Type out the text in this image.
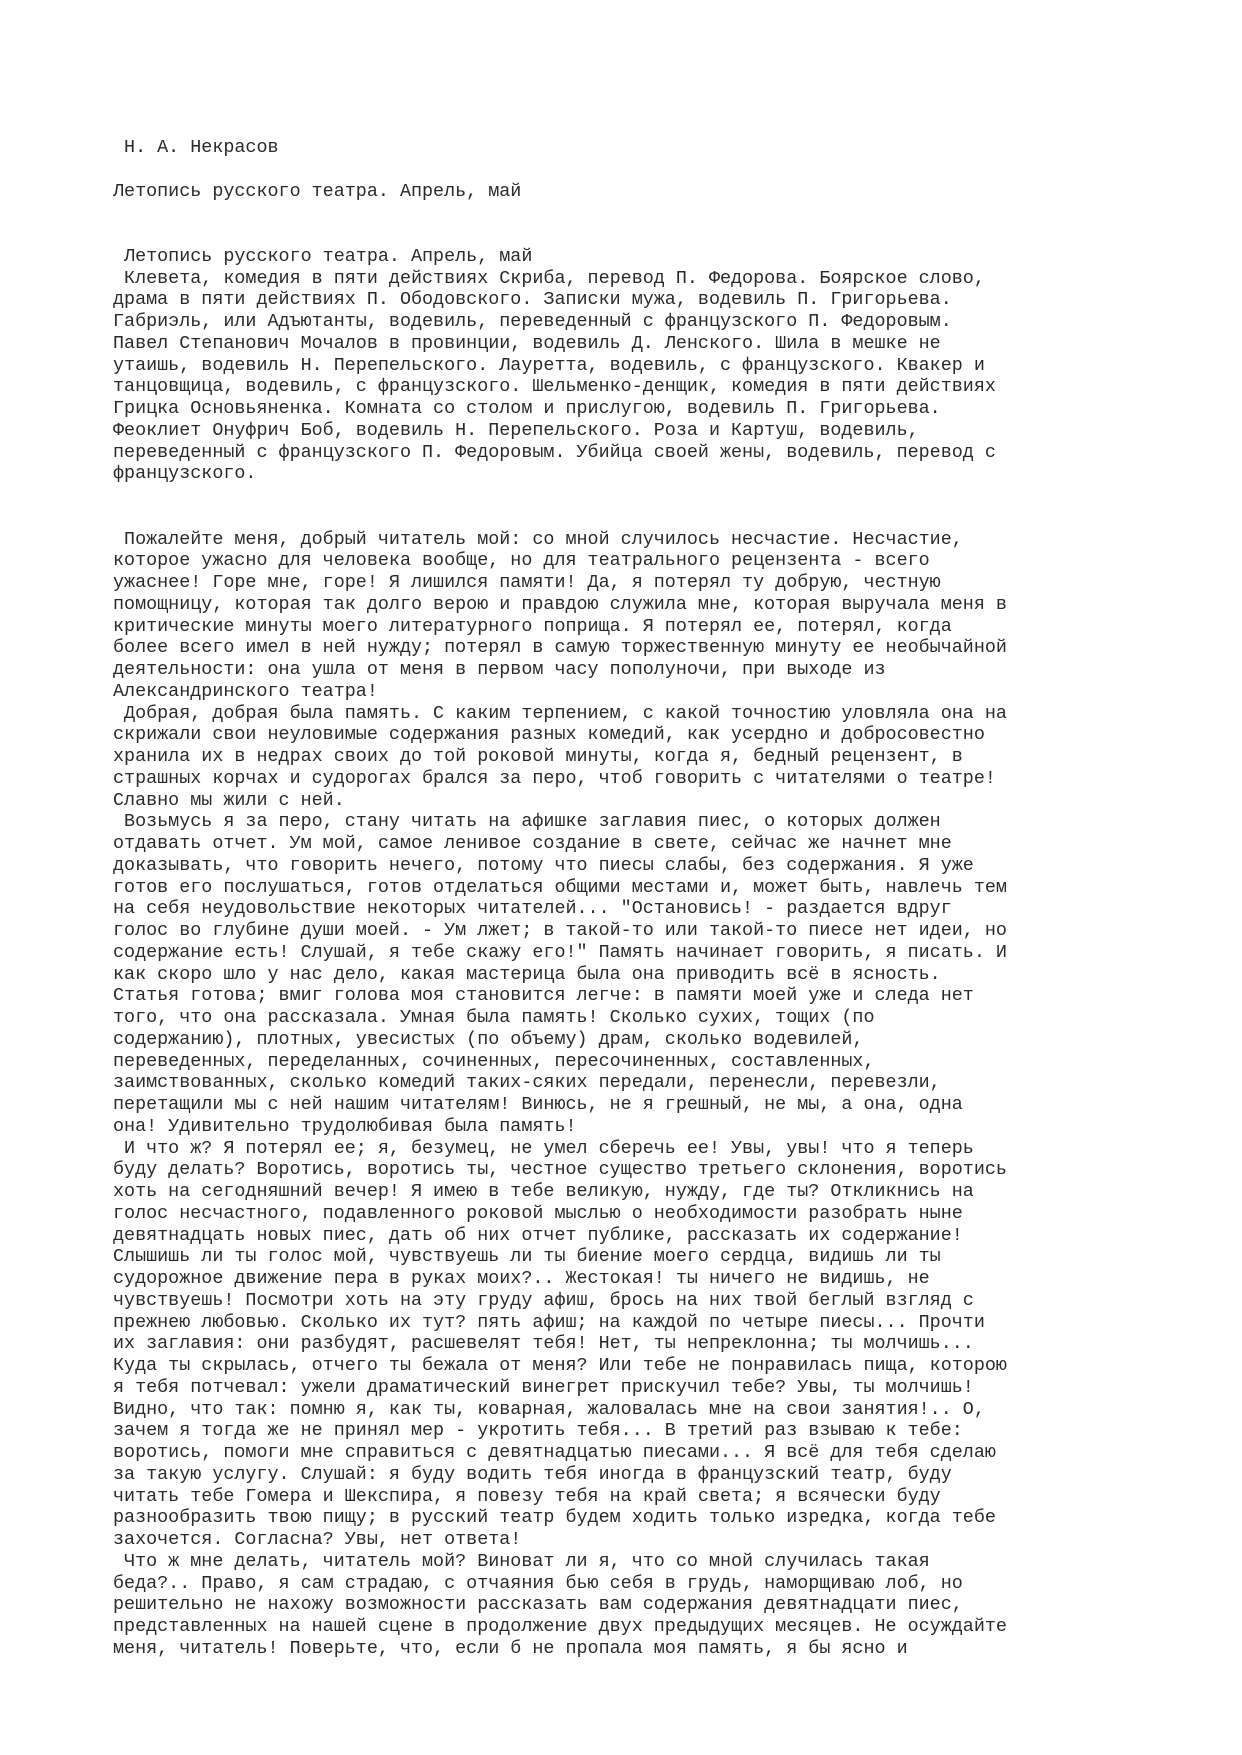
Н. А. Некрасов
Летопись русского театра. Апрель, май
Летопись русского театра. Апрель, май
Клевета, комедия в пяти действиях Скриба, перевод П. Федорова. Боярское слово,
драма в пяти действиях П. Ободовского. Записки мужа, водевиль П. Григорьева.
Габриэль, или Адъютанты, водевиль, переведенный с французского П. Федоровым.
Павел Степанович Мочалов в провинции, водевиль Д. Ленского. Шила в мешке не
утаишь, водевиль Н. Перепельского. Лауретта, водевиль, с французского. Квакер и
танцовщица, водевиль, с французского. Шельменко-денщик, комедия в пяти действиях
Грицка Основьяненка. Комната со столом и прислугою, водевиль П. Григорьева.
Феоклиет Онуфрич Боб, водевиль Н. Перепельского. Роза и Картуш, водевиль,
переведенный с французского П. Федоровым. Убийца своей жены, водевиль, перевод с
французского.
Пожалейте меня, добрый читатель мой: со мной случилось несчастие. Несчастие,
которое ужасно для человека вообще, но для театрального рецензента - всего
ужаснее! Горе мне, горе! Я лишился памяти! Да, я потерял ту добрую, честную
помощницу, которая так долго верою и правдою служила мне, которая выручала меня в
критические минуты моего литературного поприща. Я потерял ее, потерял, когда
более всего имел в ней нужду; потерял в самую торжественную минуту ее необычайной
деятельности: она ушла от меня в первом часу пополуночи, при выходе из
Александринского театра!
Добрая, добрая была память. С каким терпением, с какой точностию уловляла она на
скрижали свои неуловимые содержания разных комедий, как усердно и добросовестно
хранила их в недрах своих до той роковой минуты, когда я, бедный рецензент, в
страшных корчах и судорогах брался за перо, чтоб говорить с читателями о театре!
Славно мы жили с ней.
Возьмусь я за перо, стану читать на афишке заглавия пиес, о которых должен
отдавать отчет. Ум мой, самое ленивое создание в свете, сейчас же начнет мне
доказывать, что говорить нечего, потому что пиесы слабы, без содержания. Я уже
готов его послушаться, готов отделаться общими местами и, может быть, навлечь тем
на себя неудовольствие некоторых читателей... "Остановись! - раздается вдруг
голос во глубине души моей. - Ум лжет; в такой-то или такой-то пиесе нет идеи, но
содержание есть! Слушай, я тебе скажу его!" Память начинает говорить, я писать. И
как скоро шло у нас дело, какая мастерица была она приводить всё в ясность.
Статья готова; вмиг голова моя становится легче: в памяти моей уже и следа нет
того, что она рассказала. Умная была память! Сколько сухих, тощих (по
содержанию), плотных, увесистых (по объему) драм, сколько водевилей,
переведенных, переделанных, сочиненных, пересочиненных, составленных,
заимствованных, сколько комедий таких-сяких передали, перенесли, перевезли,
перетащили мы с ней нашим читателям! Винюсь, не я грешный, не мы, а она, одна
она! Удивительно трудолюбивая была память!
И что ж? Я потерял ее; я, безумец, не умел сберечь ее! Увы, увы! что я теперь
буду делать? Воротись, воротись ты, честное существо третьего склонения, воротись
хоть на сегодняшний вечер! Я имею в тебе великую, нужду, где ты? Откликнись на
голос несчастного, подавленного роковой мыслью о необходимости разобрать ныне
девятнадцать новых пиес, дать об них отчет публике, рассказать их содержание!
Слышишь ли ты голос мой, чувствуешь ли ты биение моего сердца, видишь ли ты
судорожное движение пера в руках моих?.. Жестокая! ты ничего не видишь, не
чувствуешь! Посмотри хоть на эту груду афиш, брось на них твой беглый взгляд с
прежнею любовью. Сколько их тут? пять афиш; на каждой по четыре пиесы... Прочти
их заглавия: они разбудят, расшевелят тебя! Нет, ты непреклонна; ты молчишь...
Куда ты скрылась, отчего ты бежала от меня? Или тебе не понравилась пища, которою
я тебя потчевал: ужели драматический винегрет прискучил тебе? Увы, ты молчишь!
Видно, что так: помню я, как ты, коварная, жаловалась мне на свои занятия!.. О,
зачем я тогда же не принял мер - укротить тебя... В третий раз взываю к тебе:
воротись, помоги мне справиться с девятнадцатью пиесами... Я всё для тебя сделаю
за такую услугу. Слушай: я буду водить тебя иногда в французский театр, буду
читать тебе Гомера и Шекспира, я повезу тебя на край света; я всячески буду
разнообразить твою пищу; в русский театр будем ходить только изредка, когда тебе
захочется. Согласна? Увы, нет ответа!
Что ж мне делать, читатель мой? Виноват ли я, что со мной случилась такая
беда?.. Право, я сам страдаю, с отчаяния бью себя в грудь, наморщиваю лоб, но
решительно не нахожу возможности рассказать вам содержания девятнадцати пиес,
представленных на нашей сцене в продолжение двух предыдущих месяцев. Не осуждайте
меня, читатель! Поверьте, что, если б не пропала моя память, я бы ясно и
